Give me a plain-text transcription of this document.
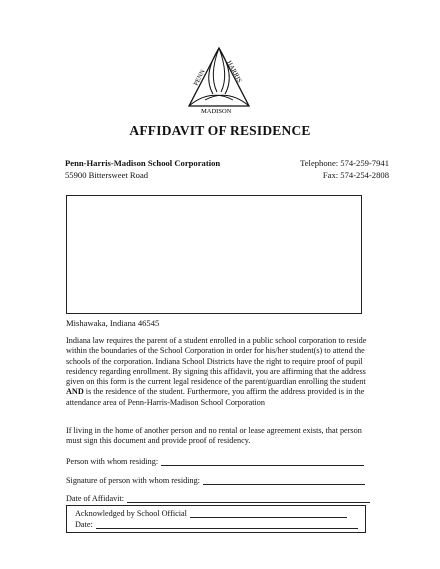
PENN	HARRIS
MADISON
AFFIDAVIT OF RESIDENCE
Penn-Harris-Madison School Corporation
55900 Bittersweet Road
Telephone: 574-259-7941
Fax: 574-254-2808
Mishawaka, Indiana 46545

Indiana law requires the parent of a student enrolled in a public school corporation to reside within the boundaries of the School Corporation in order for his/her student(s) to attend the schools of the corporation. Indiana School Districts have the right to require proof of pupil residency regarding enrollment. By signing this affidavit, you are affirming that the address given on this form is the current legal residence of the parent/guardian enrolling the student AND is the residence of the student. Furthermore, you affirm the address provided is in the attendance area of Penn-Harris-Madison School Corporation

If living in the home of another person and no rental or lease agreement exists, that person must sign this document and provide proof of residency.

Person with whom residing:
Signature of person with whom residing:
Date of Affidavit:
Acknowledged by School Official
Date:
